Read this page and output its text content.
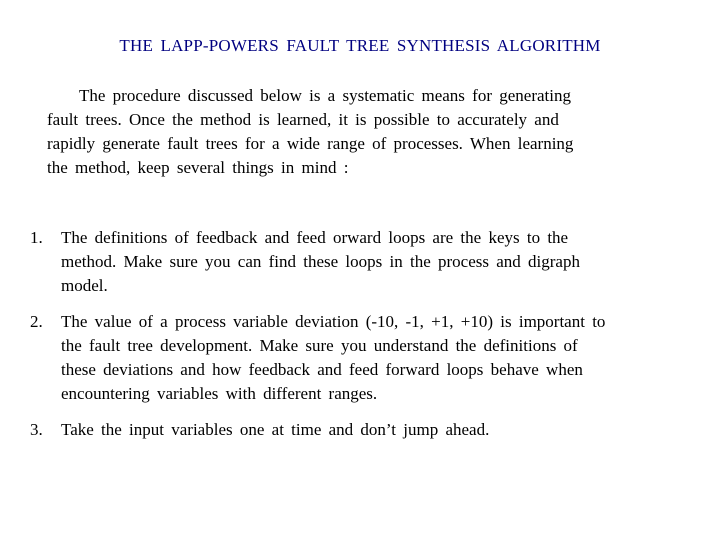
THE LAPP-POWERS FAULT TREE SYNTHESIS ALGORITHM
The procedure discussed below is a systematic means for generating
fault trees. Once the method is learned, it is possible to accurately and
rapidly generate fault trees for a wide range of processes. When learning
the method, keep several things in mind :
1.	The definitions of feedback and feed orward loops are the keys to the
method. Make sure you can find these loops in the process and digraph
model.
2.	The value of a process variable deviation (-10, -1, +1, +10) is important to
the fault tree development. Make sure you understand the definitions of
these deviations and how feedback and feed forward loops behave when
encountering variables with different ranges.
3.	Take the input variables one at time and don’t jump ahead.
